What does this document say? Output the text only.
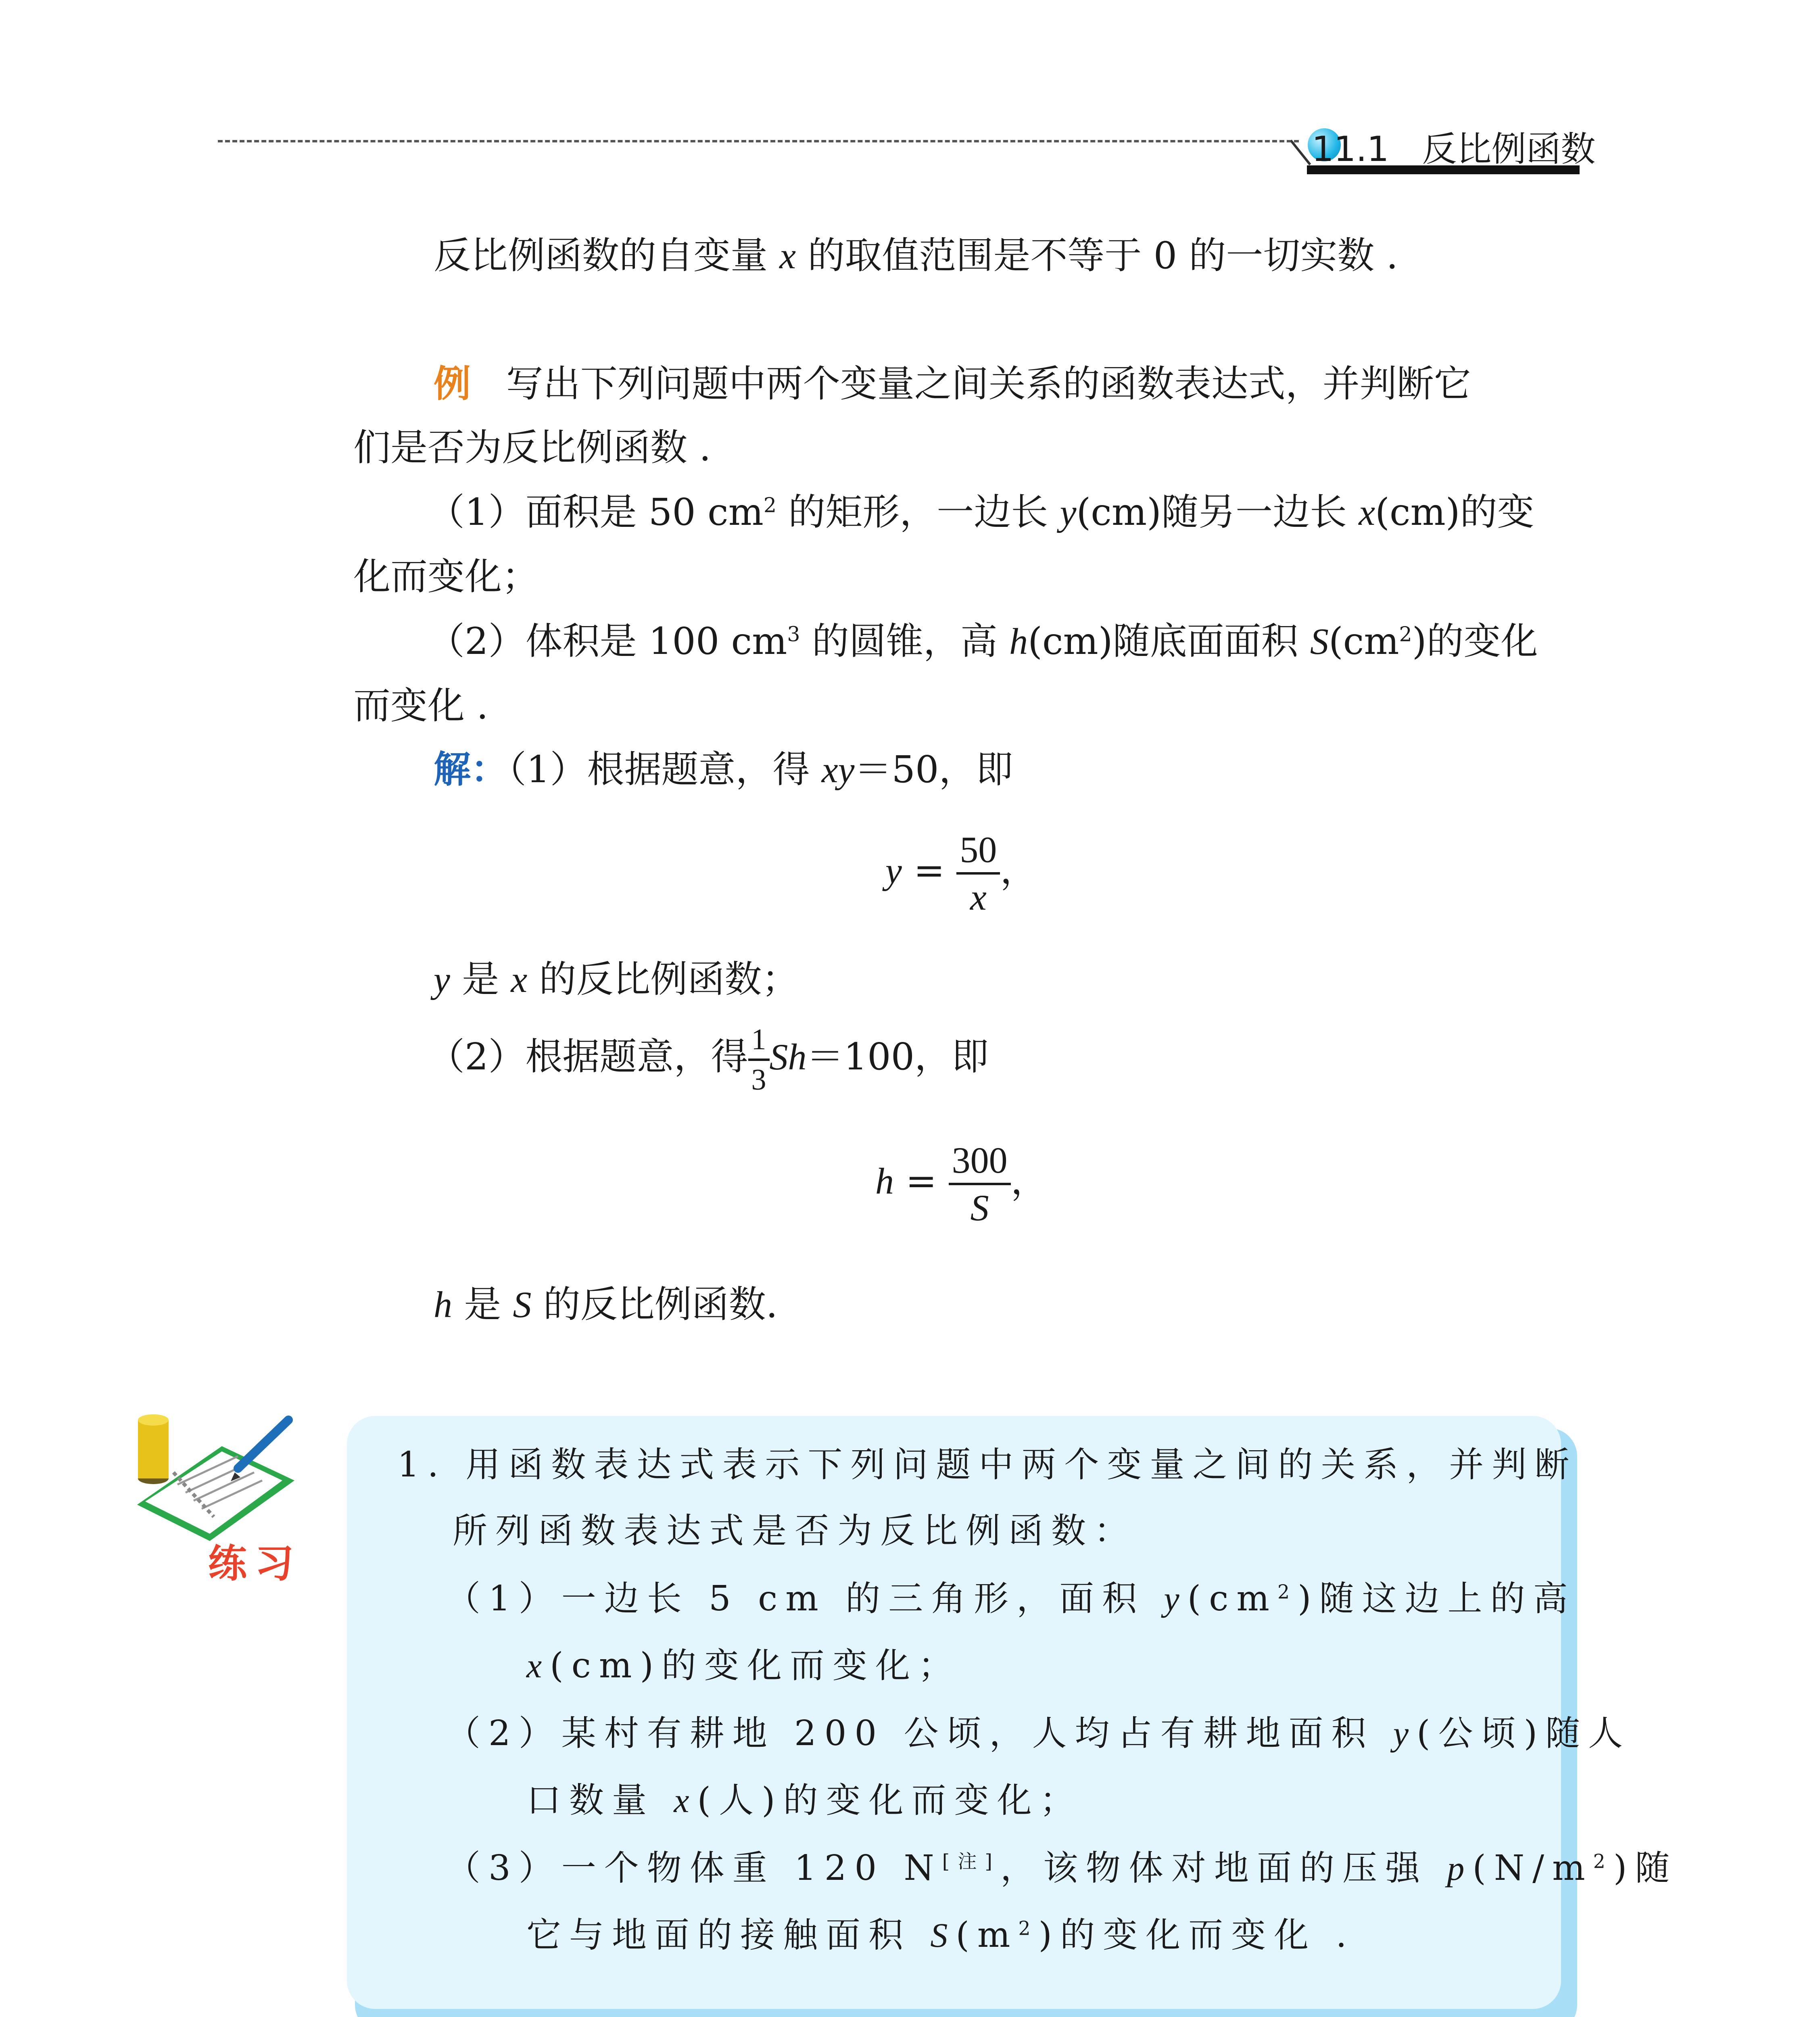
11.1 反比例函数
反比例函数的自变量 x 的取值范围是不等于 0 的一切实数 .
例 写出下列问题中两个变量之间关系的函数表达式，并判断它
们是否为反比例函数 .
（1）面积是 50 $cm^2$ 的矩形，一边长 y(cm)随另一边长 x(cm)的变
化而变化；
（2）体积是 100 $cm^3$ 的圆锥，高 h(cm)随底面面积 $S(cm^2)$的变化
而变化 .
解：（1）根据题意，得 xy＝50，即
$y = \frac{50}{x}$ ，
y 是 x 的反比例函数；
（2）根据题意，得 $\frac{1}{3} Sh=100$，即
$h = \frac{300}{S}$ ，
h 是 S 的反比例函数.
练习
1. 用函数表达式表示下列问题中两个变量之间的关系，并判断
所列函数表达式是否为反比例函数：
（1）一边长 5 cm 的三角形，面积 $y(cm^2)$随这边上的高
x(cm)的变化而变化；
（2）某村有耕地 200 公顷，人均占有耕地面积 y(公顷)随人
口数量 x(人)的变化而变化；
（3）一个物体重 120 N[注]，该物体对地面的压强 $p(N/m^2)$随
它与地面的接触面积 $S(m^2)$的变化而变化 .
